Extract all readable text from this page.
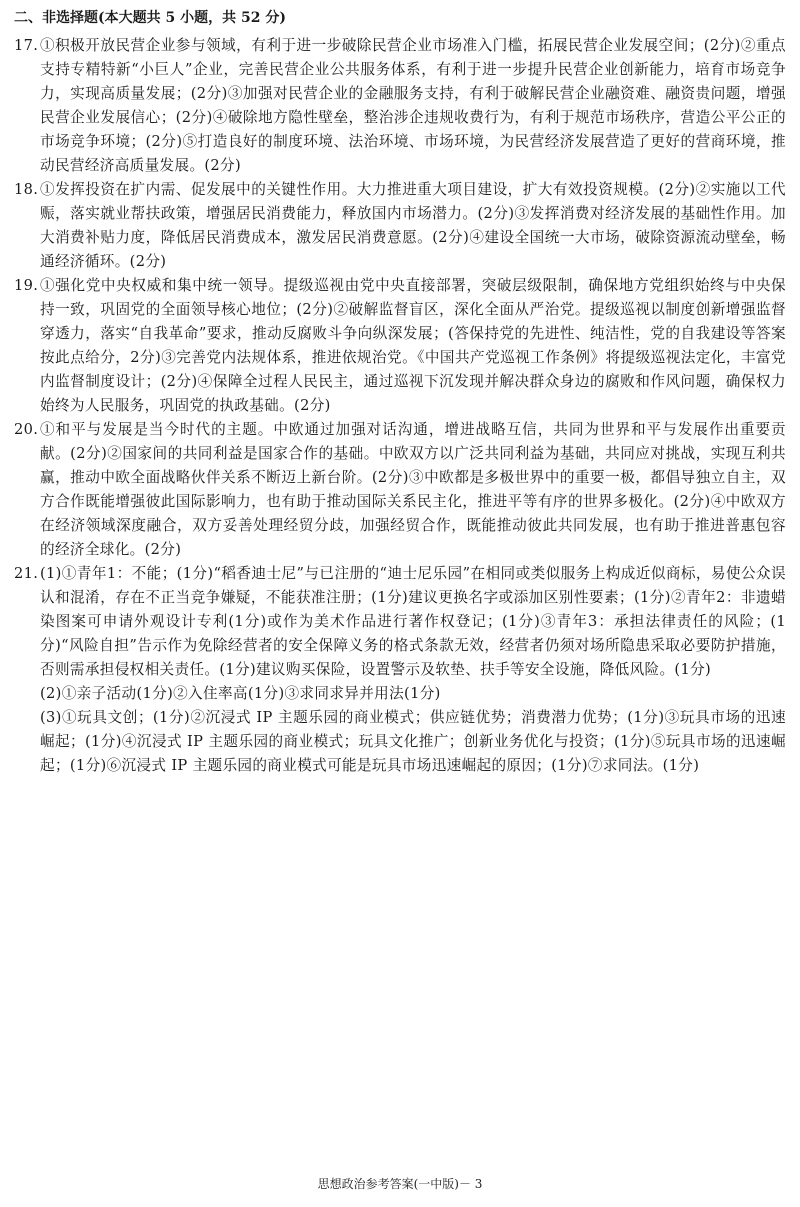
二、非选择题(本大题共 5 小题，共 52 分)
17. ①积极开放民营企业参与领域，有利于进一步破除民营企业市场准入门槛，拓展民营企业发展空间；(2分)②重点支持专精特新“小巨人”企业，完善民营企业公共服务体系，有利于进一步提升民营企业创新能力，培育市场竞争力，实现高质量发展；(2分)③加强对民营企业的金融服务支持，有利于破解民营企业融资难、融资贵问题，增强民营企业发展信心；(2分)④破除地方隐性壁垒，整治涉企违规收费行为，有利于规范市场秩序，营造公平公正的市场竞争环境；(2分)⑤打造良好的制度环境、法治环境、市场环境，为民营经济发展营造了更好的营商环境，推动民营经济高质量发展。(2分)

18. ①发挥投资在扩内需、促发展中的关键性作用。大力推进重大项目建设，扩大有效投资规模。(2分)②实施以工代赈，落实就业帮扶政策，增强居民消费能力，释放国内市场潜力。(2分)③发挥消费对经济发展的基础性作用。加大消费补贴力度，降低居民消费成本，激发居民消费意愿。(2分)④建设全国统一大市场，破除资源流动壁垒，畅通经济循环。(2分)

19. ①强化党中央权威和集中统一领导。提级巡视由党中央直接部署，突破层级限制，确保地方党组织始终与中央保持一致，巩固党的全面领导核心地位；(2分)②破解监督盲区，深化全面从严治党。提级巡视以制度创新增强监督穿透力，落实“自我革命”要求，推动反腐败斗争向纵深发展；(答保持党的先进性、纯洁性，党的自我建设等答案按此点给分，2分)③完善党内法规体系，推进依规治党。《中国共产党巡视工作条例》将提级巡视法定化，丰富党内监督制度设计；(2分)④保障全过程人民民主，通过巡视下沉发现并解决群众身边的腐败和作风问题，确保权力始终为人民服务，巩固党的执政基础。(2分)

20. ①和平与发展是当今时代的主题。中欧通过加强对话沟通，增进战略互信，共同为世界和平与发展作出重要贡献。(2分)②国家间的共同利益是国家合作的基础。中欧双方以广泛共同利益为基础，共同应对挑战，实现互利共赢，推动中欧全面战略伙伴关系不断迈上新台阶。(2分)③中欧都是多极世界中的重要一极，都倡导独立自主，双方合作既能增强彼此国际影响力，也有助于推动国际关系民主化，推进平等有序的世界多极化。(2分)④中欧双方在经济领域深度融合，双方妥善处理经贸分歧，加强经贸合作，既能推动彼此共同发展，也有助于推进普惠包容的经济全球化。(2分)

21. (1)①青年1：不能；(1分)“稻香迪士尼”与已注册的“迪士尼乐园”在相同或类似服务上构成近似商标，易使公众误认和混淆，存在不正当竞争嫌疑，不能获准注册；(1分)建议更换名字或添加区别性要素；(1分)②青年2：非遗蜡染图案可申请外观设计专利(1分)或作为美术作品进行著作权登记；(1分)③青年3：承担法律责任的风险；(1分)“风险自担”告示作为免除经营者的安全保障义务的格式条款无效，经营者仍须对场所隐患采取必要防护措施，否则需承担侵权相关责任。(1分)建议购买保险，设置警示及软垫、扶手等安全设施，降低风险。(1分)

(2)①亲子活动(1分)②入住率高(1分)③求同求异并用法(1分)

(3)①玩具文创；(1分)②沉浸式 IP 主题乐园的商业模式；供应链优势；消费潜力优势；(1分)③玩具市场的迅速崛起；(1分)④沉浸式 IP 主题乐园的商业模式；玩具文化推广；创新业务优化与投资；(1分)⑤玩具市场的迅速崛起；(1分)⑥沉浸式 IP 主题乐园的商业模式可能是玩具市场迅速崛起的原因；(1分)⑦求同法。(1分)

思想政治参考答案(一中版)－ 3
